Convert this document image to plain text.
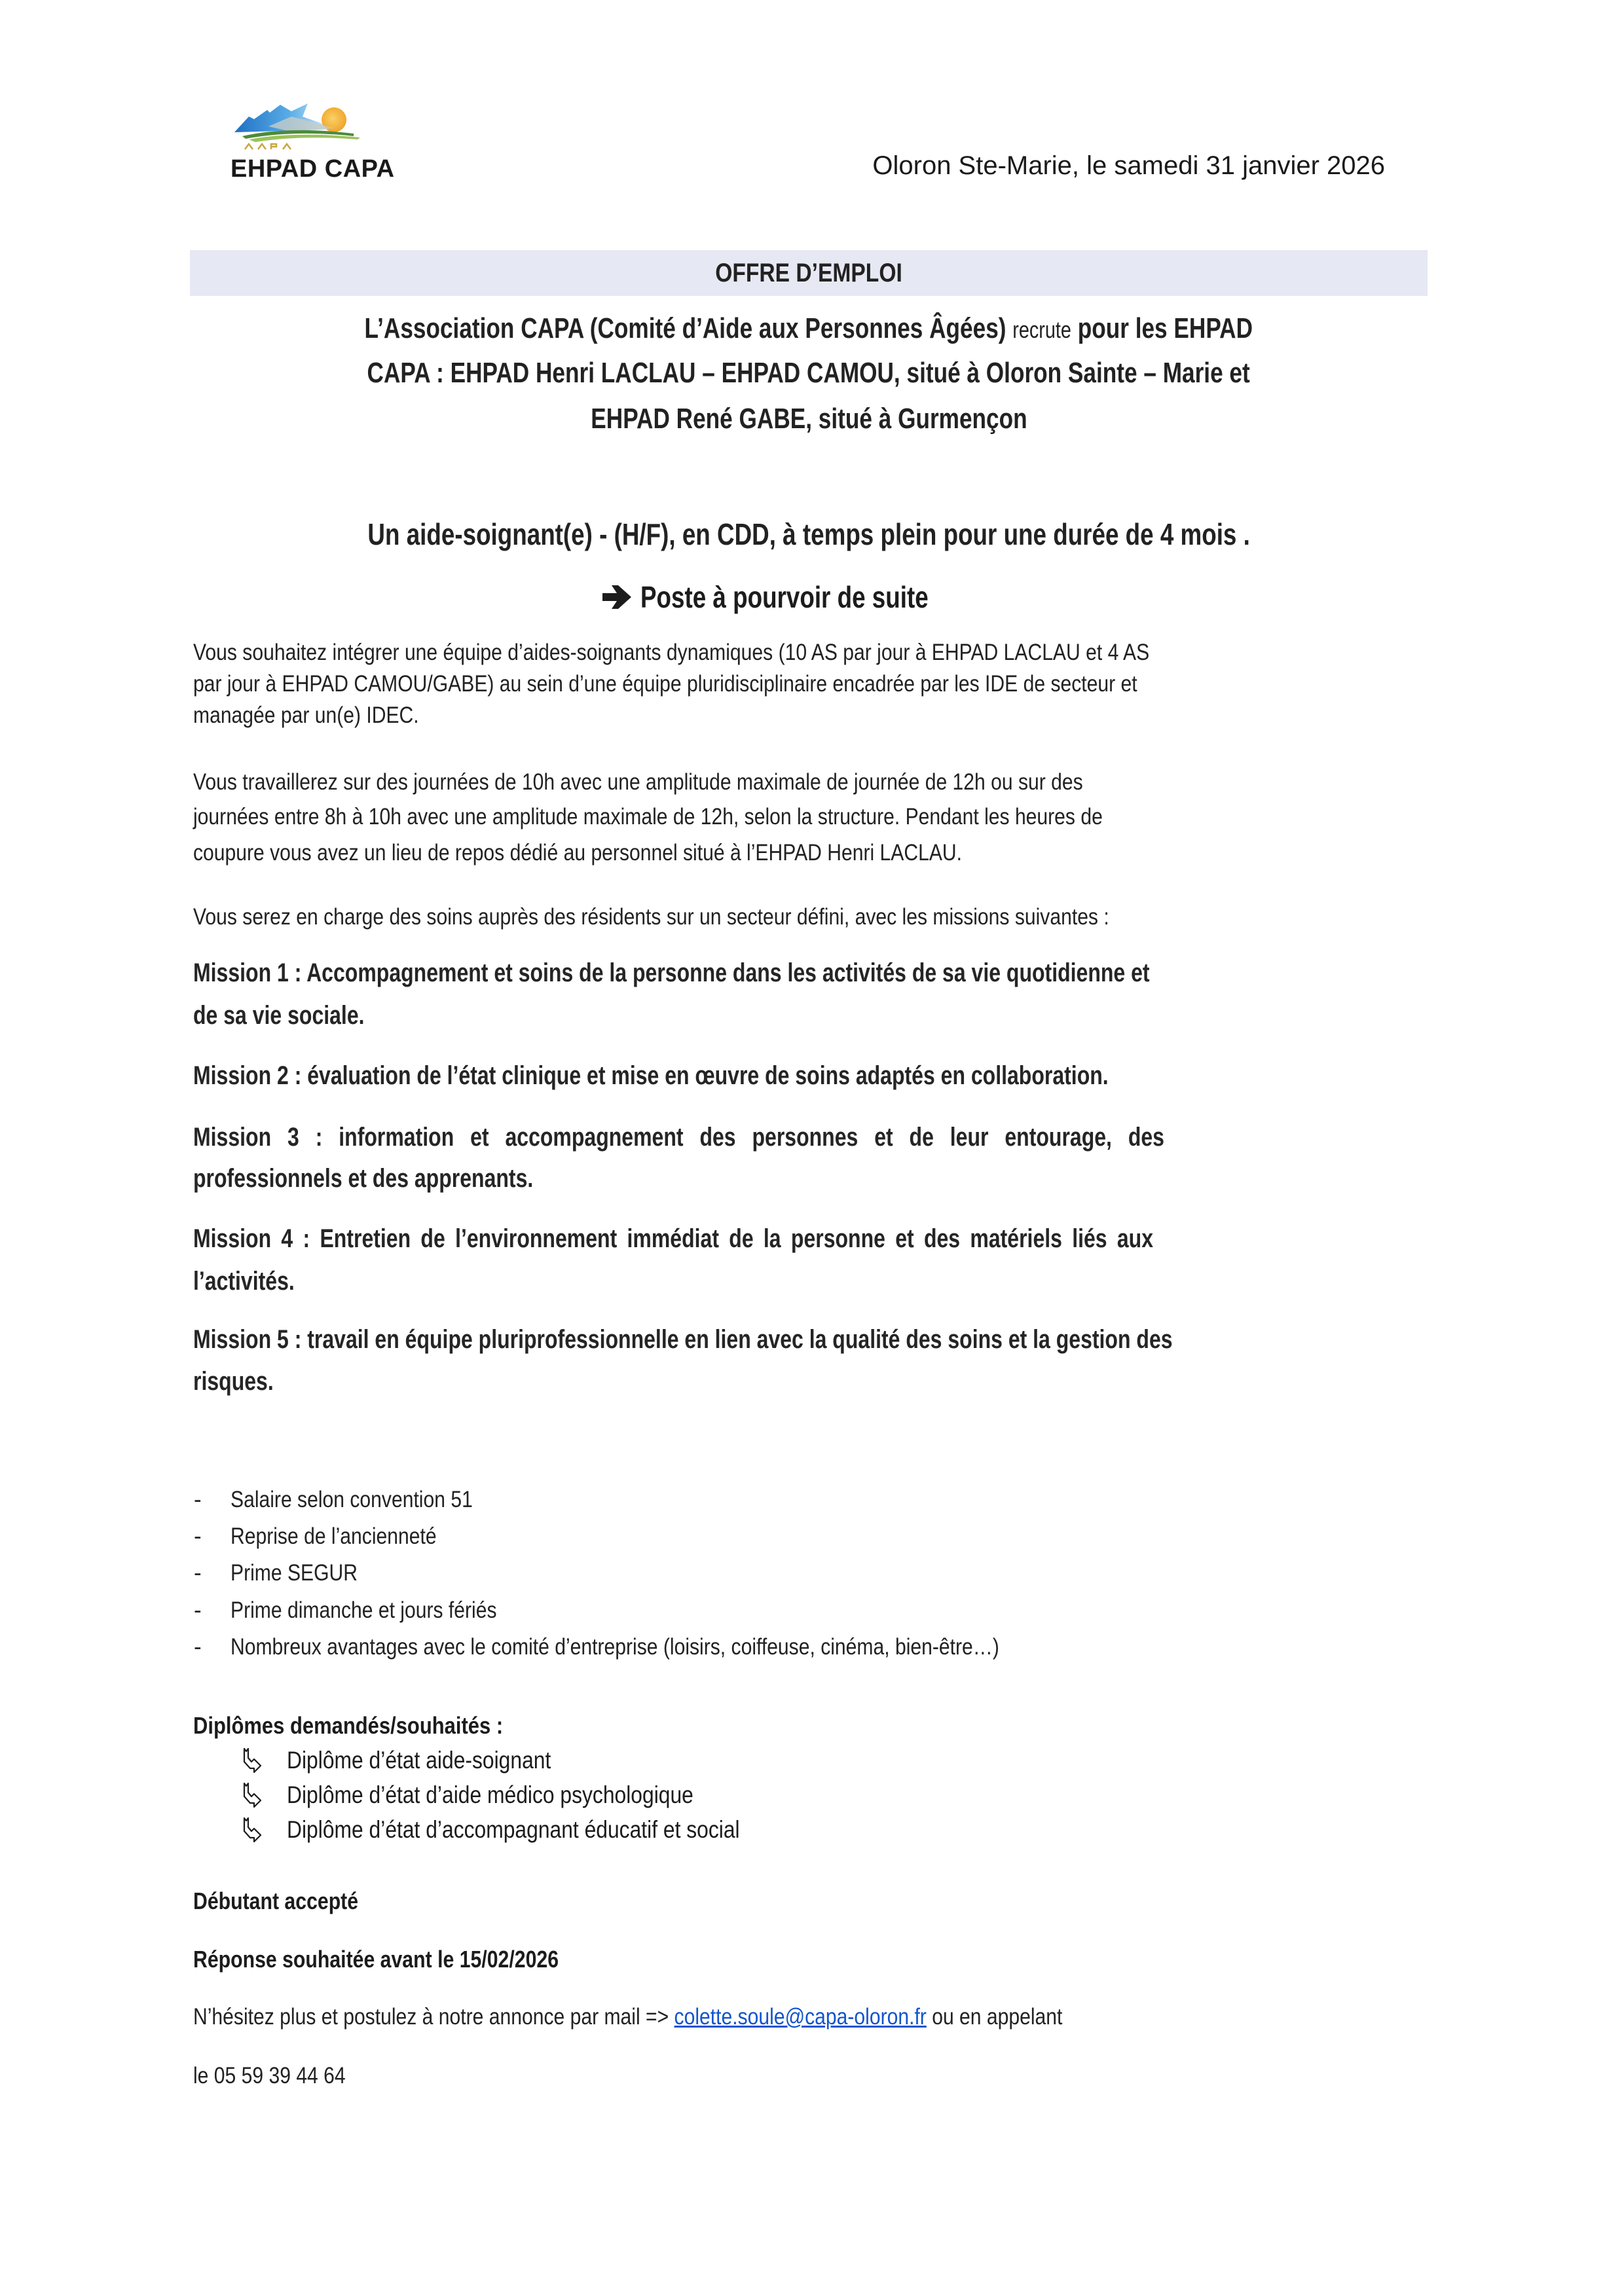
EHPAD CAPA	Oloron Ste-Marie, le samedi 31 janvier 2026
OFFRE D’EMPLOI
L’Association CAPA (Comité d’Aide aux Personnes Âgées) recrute pour les EHPAD
CAPA : EHPAD Henri LACLAU – EHPAD CAMOU, situé à Oloron Sainte – Marie et
EHPAD René GABE, situé à Gurmençon
Un aide-soignant(e) - (H/F), en CDD, à temps plein pour une durée de 4 mois .
Poste à pourvoir de suite
Vous souhaitez intégrer une équipe d’aides-soignants dynamiques (10 AS par jour à EHPAD LACLAU et 4 AS
par jour à EHPAD CAMOU/GABE) au sein d’une équipe pluridisciplinaire encadrée par les IDE de secteur et
managée par un(e) IDEC.
Vous travaillerez sur des journées de 10h avec une amplitude maximale de journée de 12h ou sur des
journées entre 8h à 10h avec une amplitude maximale de 12h, selon la structure. Pendant les heures de
coupure vous avez un lieu de repos dédié au personnel situé à l’EHPAD Henri LACLAU.
Vous serez en charge des soins auprès des résidents sur un secteur défini, avec les missions suivantes :
Mission 1 : Accompagnement et soins de la personne dans les activités de sa vie quotidienne et
de sa vie sociale.
Mission 2 : évaluation de l’état clinique et mise en œuvre de soins adaptés en collaboration.
Mission 3 : information et accompagnement des personnes et de leur entourage, des
professionnels et des apprenants.
Mission 4 : Entretien de l’environnement immédiat de la personne et des matériels liés aux
l’activités.
Mission 5 : travail en équipe pluriprofessionnelle en lien avec la qualité des soins et la gestion des
risques.
-	Salaire selon convention 51
-	Reprise de l’ancienneté
-	Prime SEGUR
-	Prime dimanche et jours fériés
-	Nombreux avantages avec le comité d’entreprise (loisirs, coiffeuse, cinéma, bien-être…)
Diplômes demandés/souhaités :
Diplôme d’état aide-soignant
Diplôme d’état d’aide médico psychologique
Diplôme d’état d’accompagnant éducatif et social
Débutant accepté
Réponse souhaitée avant le 15/02/2026
N’hésitez plus et postulez à notre annonce par mail => colette.soule@capa-oloron.fr ou en appelant
le 05 59 39 44 64
